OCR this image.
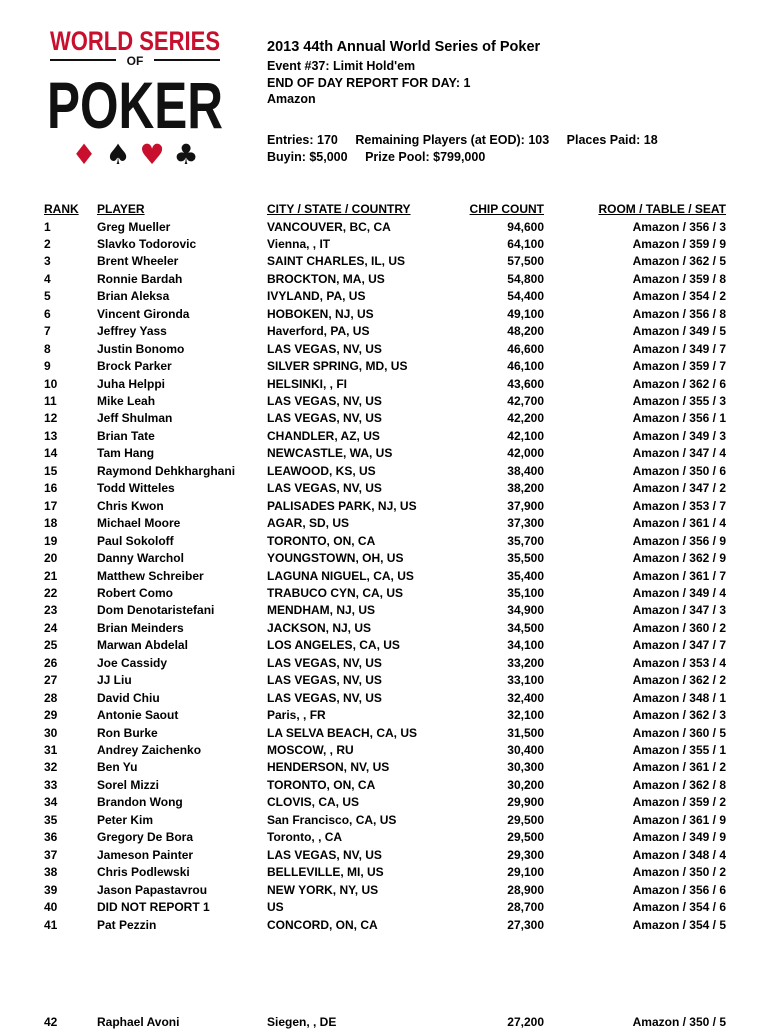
WORLD SERIES
OF
POKER
♦ ♠ ♥ ♣
2013 44th Annual World Series of Poker
Event #37: Limit Hold'em
END OF DAY REPORT FOR DAY: 1
Amazon
Entries: 170 Remaining Players (at EOD): 103 Places Paid: 18
Buyin: $5,000 Prize Pool: $799,000
RANK PLAYER	CITY / STATE / COUNTRY	CHIP COUNT	ROOM / TABLE / SEAT
1	Greg Mueller	VANCOUVER, BC, CA	94,600	Amazon / 356 / 3
2	Slavko Todorovic	Vienna, , IT	64,100	Amazon / 359 / 9
3	Brent Wheeler	SAINT CHARLES, IL, US	57,500	Amazon / 362 / 5
4	Ronnie Bardah	BROCKTON, MA, US	54,800	Amazon / 359 / 8
5	Brian Aleksa	IVYLAND, PA, US	54,400	Amazon / 354 / 2
6	Vincent Gironda	HOBOKEN, NJ, US	49,100	Amazon / 356 / 8
7	Jeffrey Yass	Haverford, PA, US	48,200	Amazon / 349 / 5
8	Justin Bonomo	LAS VEGAS, NV, US	46,600	Amazon / 349 / 7
9	Brock Parker	SILVER SPRING, MD, US	46,100	Amazon / 359 / 7
10	Juha Helppi	HELSINKI, , FI	43,600	Amazon / 362 / 6
11	Mike Leah	LAS VEGAS, NV, US	42,700	Amazon / 355 / 3
12	Jeff Shulman	LAS VEGAS, NV, US	42,200	Amazon / 356 / 1
13	Brian Tate	CHANDLER, AZ, US	42,100	Amazon / 349 / 3
14	Tam Hang	NEWCASTLE, WA, US	42,000	Amazon / 347 / 4
15	Raymond Dehkharghani	LEAWOOD, KS, US	38,400	Amazon / 350 / 6
16	Todd Witteles	LAS VEGAS, NV, US	38,200	Amazon / 347 / 2
17	Chris Kwon	PALISADES PARK, NJ, US	37,900	Amazon / 353 / 7
18	Michael Moore	AGAR, SD, US	37,300	Amazon / 361 / 4
19	Paul Sokoloff	TORONTO, ON, CA	35,700	Amazon / 356 / 9
20	Danny Warchol	YOUNGSTOWN, OH, US	35,500	Amazon / 362 / 9
21	Matthew Schreiber	LAGUNA NIGUEL, CA, US	35,400	Amazon / 361 / 7
22	Robert Como	TRABUCO CYN, CA, US	35,100	Amazon / 349 / 4
23	Dom Denotaristefani	MENDHAM, NJ, US	34,900	Amazon / 347 / 3
24	Brian Meinders	JACKSON, NJ, US	34,500	Amazon / 360 / 2
25	Marwan Abdelal	LOS ANGELES, CA, US	34,100	Amazon / 347 / 7
26	Joe Cassidy	LAS VEGAS, NV, US	33,200	Amazon / 353 / 4
27	JJ Liu	LAS VEGAS, NV, US	33,100	Amazon / 362 / 2
28	David Chiu	LAS VEGAS, NV, US	32,400	Amazon / 348 / 1
29	Antonie Saout	Paris, , FR	32,100	Amazon / 362 / 3
30	Ron Burke	LA SELVA BEACH, CA, US	31,500	Amazon / 360 / 5
31	Andrey Zaichenko	MOSCOW, , RU	30,400	Amazon / 355 / 1
32	Ben Yu	HENDERSON, NV, US	30,300	Amazon / 361 / 2
33	Sorel Mizzi	TORONTO, ON, CA	30,200	Amazon / 362 / 8
34	Brandon Wong	CLOVIS, CA, US	29,900	Amazon / 359 / 2
35	Peter Kim	San Francisco, CA, US	29,500	Amazon / 361 / 9
36	Gregory De Bora	Toronto, , CA	29,500	Amazon / 349 / 9
37	Jameson Painter	LAS VEGAS, NV, US	29,300	Amazon / 348 / 4
38	Chris Podlewski	BELLEVILLE, MI, US	29,100	Amazon / 350 / 2
39	Jason Papastavrou	NEW YORK, NY, US	28,900	Amazon / 356 / 6
40	DID NOT REPORT 1	US	28,700	Amazon / 354 / 6
41	Pat Pezzin	CONCORD, ON, CA	27,300	Amazon / 354 / 5
42	Raphael Avoni	Siegen, , DE	27,200	Amazon / 350 / 5
